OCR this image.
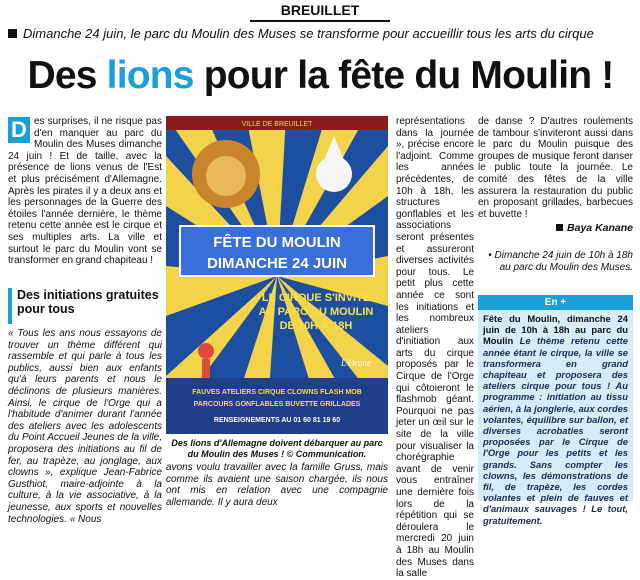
BREUILLET
Dimanche 24 juin, le parc du Moulin des Muses se transforme pour accueillir tous les arts du cirque
Des lions pour la fête du Moulin !
D es surprises, il ne risque pas d'en manquer au parc du Moulin des Muses dimanche 24 juin ! Et de taille, avec la présence de lions venus de l'Est et plus précisément d'Allemagne. Après les pirates il y a deux ans et les personnages de la Guerre des étoiles l'année dernière, le thème retenu cette année est le cirque et ses multiples arts. La ville et surtout le parc du Moulin vont se transformer en grand chapiteau !
Des initiations gratuites pour tous
« Tous les ans nous essayons de trouver un thème différent qui rassemble et qui parle à tous les publics, aussi bien aux enfants qu'à leurs parents et nous le déclinons de plusieurs manières. Ainsi, le cirque de l'Orge qui a l'habitude d'animer durant l'année des ateliers avec les adolescents du Point Accueil Jeunes de la ville, proposera des initiations au fil de fer, au trapèze, au jonglage, aux clowns », explique Jean-Fabrice Gusthiot, maire-adjointe à la culture, à la vie associative, à la jeunesse, aux sports et nouvelles technologies. « Nous
VILLE DE BREUILLET
FÊTE DU MOULIN
DIMANCHE 24 JUIN
LE CIRQUE S'INVITE
AU PARC DU MOULIN
DE 10H À 18H
FAUVES ATELIERS CIRQUE CLOWNS FLASH MOB
PARCOURS GONFLABLES BUVETTE GRILLADES
RENSEIGNEMENTS AU 01 60 81 19 60
L'Orane
Des lions d'Allemagne doivent débarquer au parc du Moulin des Muses ! © Communication.
avons voulu travailler avec la famille Gruss, mais comme ils avaient une saison chargée, ils nous ont mis en relation avec une compagnie allemande. Il y aura deux
représentations dans la journée », précise encore l'adjoint. Comme les années précédentes, de 10h à 18h, les structures gonflables et les associations seront présentes et assureront diverses activités pour tous. Le petit plus cette année ce sont les initiations et les nombreux ateliers d'initiation aux arts du cirque proposés par le Cirque de l'Orge qui côtoieront le flashmob géant. Pourquoi ne pas jeter un œil sur le site de la ville pour visualiser la chorégraphie avant de venir vous entraîner une dernière fois lors de la répétition qui se déroulera le mercredi 20 juin à 18h au Moulin des Muses dans la salle
de danse ? D'autres roulements de tambour s'inviteront aussi dans le parc du Moulin puisque des groupes de musique feront danser le public toute la journée. Le comité des fêtes de la ville assurera la restauration du public en proposant grillades, barbecues et buvette !
Baya Kanane
• Dimanche 24 juin de 10h à 18h au parc du Moulin des Muses.
En +
Fête du Moulin, dimanche 24 juin de 10h à 18h au parc du Moulin Le thème retenu cette année étant le cirque, la ville se transformera en grand chapiteau et proposera des ateliers cirque pour tous ! Au programme : initiation au tissu aérien, à la jonglerie, aux cordes volantes, équilibre sur ballon, et diverses acrobaties seront proposées par le Cirque de l'Orge pour les petits et les grands. Sans compter les clowns, les démonstrations de fil, de trapèze, les cordes volantes et plein de fauves et d'animaux sauvages ! Le tout, gratuitement.
